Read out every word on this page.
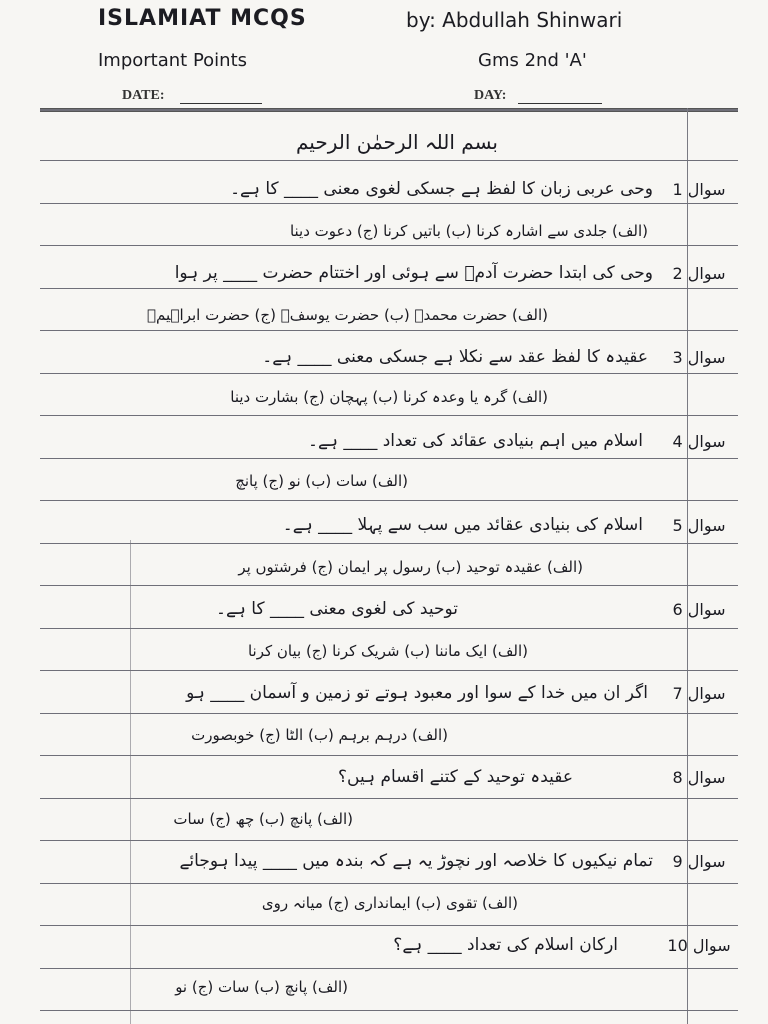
ISLAMIAT MCQS
Important Points
by: Abdullah Shinwari
Gms 2nd 'A'
DATE:	DAY:
بسم اللہ الرحمٰن الرحیم
سوال 1
وحی عربی زبان کا لفظ ہے جسکی لغوی معنی ____ کا ہے۔
(الف) جلدی سے اشارہ کرنا (ب) باتیں کرنا (ج) دعوت دینا
سوال 2
وحی کی ابتدا حضرت آدمؑ سے ہوئی اور اختتام حضرت ____ پر ہوا
(الف) حضرت محمدؐ (ب) حضرت یوسفؑ (ج) حضرت ابراہیمؑ
سوال 3
عقیدہ کا لفظ عقد سے نکلا ہے جسکی معنی ____ ہے۔
(الف) گرہ یا وعدہ کرنا (ب) پہچان (ج) بشارت دینا
سوال 4
اسلام میں اہم بنیادی عقائد کی تعداد ____ ہے۔
(الف) سات (ب) نو (ج) پانچ
سوال 5
اسلام کی بنیادی عقائد میں سب سے پہلا ____ ہے۔
(الف) عقیدہ توحید (ب) رسول پر ایمان (ج) فرشتوں پر
سوال 6
توحید کی لغوی معنی ____ کا ہے۔
(الف) ایک ماننا (ب) شریک کرنا (ج) بیان کرنا
سوال 7
اگر ان میں خدا کے سوا اور معبود ہوتے تو زمین و آسمان ____ ہو
(الف) درہم برہم (ب) الٹا (ج) خوبصورت
سوال 8
عقیدہ توحید کے کتنے اقسام ہیں؟
(الف) پانچ (ب) چھ (ج) سات
سوال 9
تمام نیکیوں کا خلاصہ اور نچوڑ یہ ہے کہ بندہ میں ____ پیدا ہوجائے
(الف) تقوی (ب) ایمانداری (ج) میانہ روی
سوال 10
ارکان اسلام کی تعداد ____ ہے؟
(الف) پانچ (ب) سات (ج) نو
